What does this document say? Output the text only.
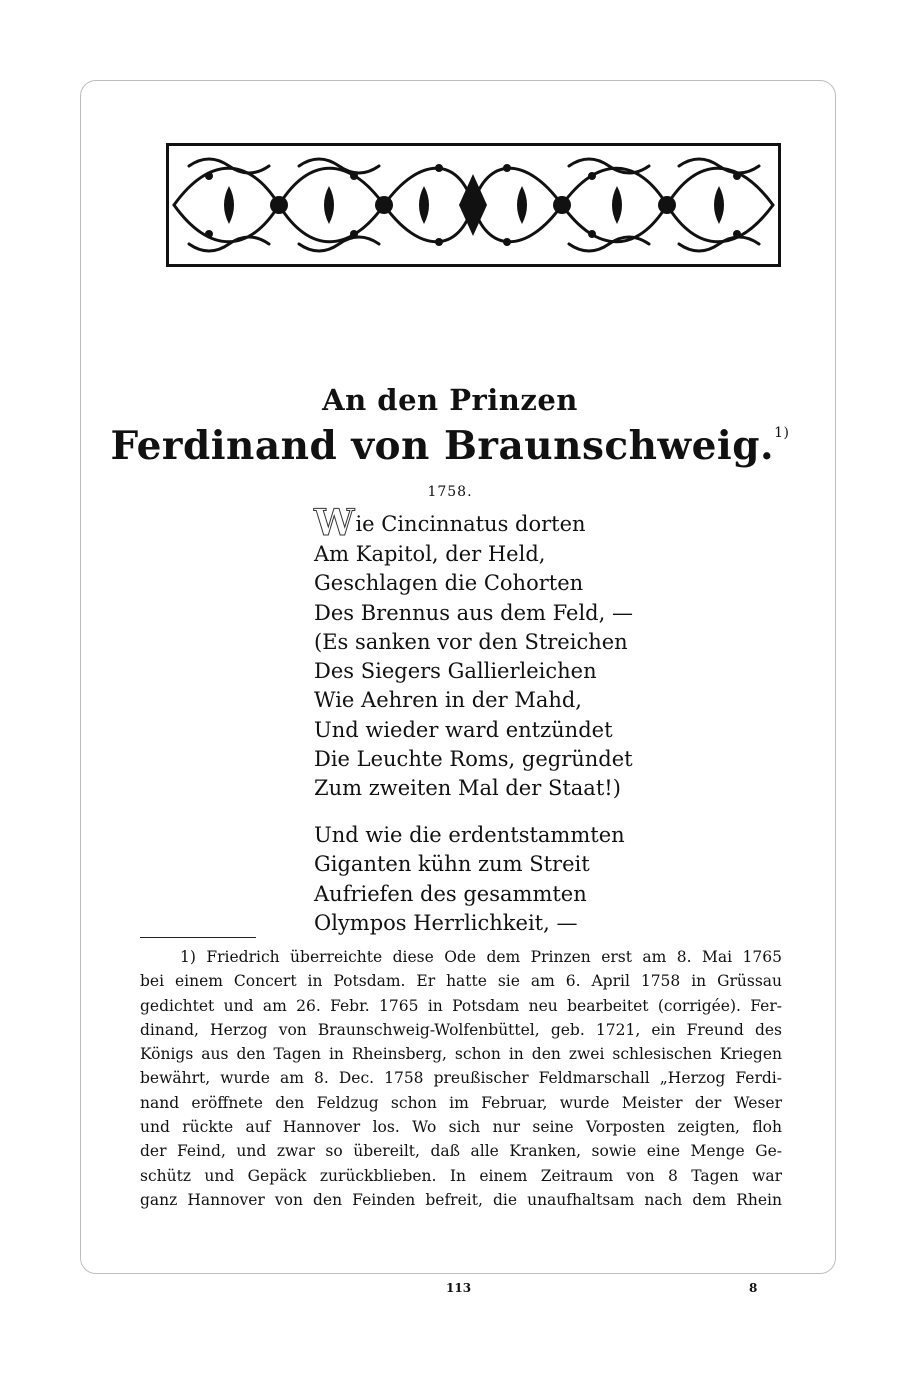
An den Prinzen
Ferdinand von Braunschweig.$^{1)}$
1758.
Wie Cincinnatus dorten
Am Kapitol, der Held,
Geschlagen die Cohorten
Des Brennus aus dem Feld, —
(Es sanken vor den Streichen
Des Siegers Gallierleichen
Wie Aehren in der Mahd,
Und wieder ward entzündet
Die Leuchte Roms, gegründet
Zum zweiten Mal der Staat!)
Und wie die erdentstammten
Giganten kühn zum Streit
Aufriefen des gesammten
Olympos Herrlichkeit, —
1) Friedrich überreichte diese Ode dem Prinzen erst am 8. Mai 1765
bei einem Concert in Potsdam. Er hatte sie am 6. April 1758 in Grüssau
gedichtet und am 26. Febr. 1765 in Potsdam neu bearbeitet (corrigée). Fer-
dinand, Herzog von Braunschweig-Wolfenbüttel, geb. 1721, ein Freund des
Königs aus den Tagen in Rheinsberg, schon in den zwei schlesischen Kriegen
bewährt, wurde am 8. Dec. 1758 preußischer Feldmarschall „Herzog Ferdi-
nand eröffnete den Feldzug schon im Februar, wurde Meister der Weser
und rückte auf Hannover los. Wo sich nur seine Vorposten zeigten, floh
der Feind, und zwar so übereilt, daß alle Kranken, sowie eine Menge Ge-
schütz und Gepäck zurückblieben. In einem Zeitraum von 8 Tagen war
ganz Hannover von den Feinden befreit, die unaufhaltsam nach dem Rhein
113	8
